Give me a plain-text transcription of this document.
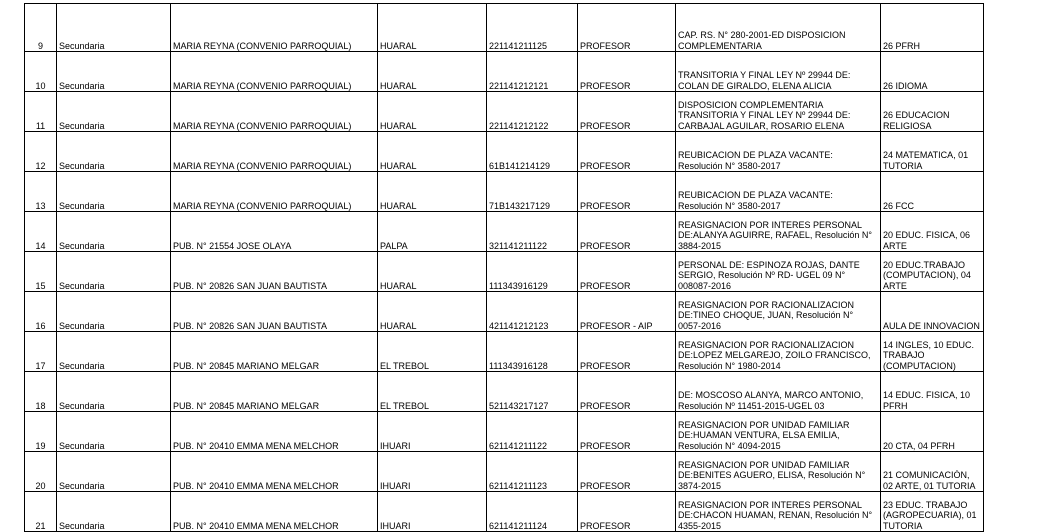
9	Secundaria	MARIA REYNA (CONVENIO PARROQUIAL)	HUARAL	221141211125	PROFESOR	CAP. RS. N° 280-2001-ED DISPOSICION COMPLEMENTARIA	26 PFRH

10	Secundaria	MARIA REYNA (CONVENIO PARROQUIAL)	HUARAL	221141212121	PROFESOR	TRANSITORIA Y FINAL LEY Nº 29944 DE: COLAN DE GIRALDO, ELENA ALICIA	26 IDIOMA

11	Secundaria	MARIA REYNA (CONVENIO PARROQUIAL)	HUARAL	221141212122	PROFESOR	DISPOSICION COMPLEMENTARIA TRANSITORIA Y FINAL LEY Nº 29944 DE: CARBAJAL AGUILAR, ROSARIO ELENA	26 EDUCACION RELIGIOSA

12	Secundaria	MARIA REYNA (CONVENIO PARROQUIAL)	HUARAL	61B141214129	PROFESOR	REUBICACION DE PLAZA VACANTE: Resolución N° 3580-2017	24 MATEMATICA, 01 TUTORIA

13	Secundaria	MARIA REYNA (CONVENIO PARROQUIAL)	HUARAL	71B143217129	PROFESOR	REUBICACION DE PLAZA VACANTE: Resolución N° 3580-2017	26 FCC

14	Secundaria	PUB. N° 21554 JOSE OLAYA	PALPA	321141211122	PROFESOR	REASIGNACION POR INTERES PERSONAL DE:ALANYA AGUIRRE, RAFAEL, Resolución N° 3884-2015	20 EDUC. FISICA, 06 ARTE

15	Secundaria	PUB. N° 20826 SAN JUAN BAUTISTA	HUARAL	111343916129	PROFESOR	PERSONAL DE: ESPINOZA ROJAS, DANTE SERGIO, Resolución Nº RD- UGEL 09 N° 008087-2016	20 EDUC.TRABAJO (COMPUTACION), 04 ARTE

16	Secundaria	PUB. N° 20826 SAN JUAN BAUTISTA	HUARAL	421141212123	PROFESOR - AIP	REASIGNACION POR RACIONALIZACION DE:TINEO CHOQUE, JUAN, Resolución N° 0057-2016	AULA DE INNOVACION

17	Secundaria	PUB. N° 20845 MARIANO MELGAR	EL TREBOL	111343916128	PROFESOR	REASIGNACION POR RACIONALIZACION DE:LOPEZ MELGAREJO, ZOILO FRANCISCO, Resolución N° 1980-2014	14 INGLES, 10 EDUC. TRABAJO (COMPUTACION)

18	Secundaria	PUB. N° 20845 MARIANO MELGAR	EL TREBOL	521143217127	PROFESOR	DE: MOSCOSO ALANYA, MARCO ANTONIO, Resolución Nº 11451-2015-UGEL 03	14 EDUC. FISICA, 10 PFRH

19	Secundaria	PUB. N° 20410 EMMA MENA MELCHOR	IHUARI	621141211122	PROFESOR	REASIGNACION POR UNIDAD FAMILIAR DE:HUAMAN VENTURA, ELSA EMILIA, Resolución N° 4094-2015	20 CTA, 04 PFRH

20	Secundaria	PUB. N° 20410 EMMA MENA MELCHOR	IHUARI	621141211123	PROFESOR	REASIGNACION POR UNIDAD FAMILIAR DE:BENITES AGUERO, ELISA, Resolución N° 3874-2015	21 COMUNICACIÓN, 02 ARTE, 01 TUTORIA

21	Secundaria	PUB. N° 20410 EMMA MENA MELCHOR	IHUARI	621141211124	PROFESOR	REASIGNACION POR INTERES PERSONAL DE:CHACON HUAMAN, RENAN, Resolución N° 4355-2015	23 EDUC. TRABAJO (AGROPECUARIA), 01 TUTORIA
